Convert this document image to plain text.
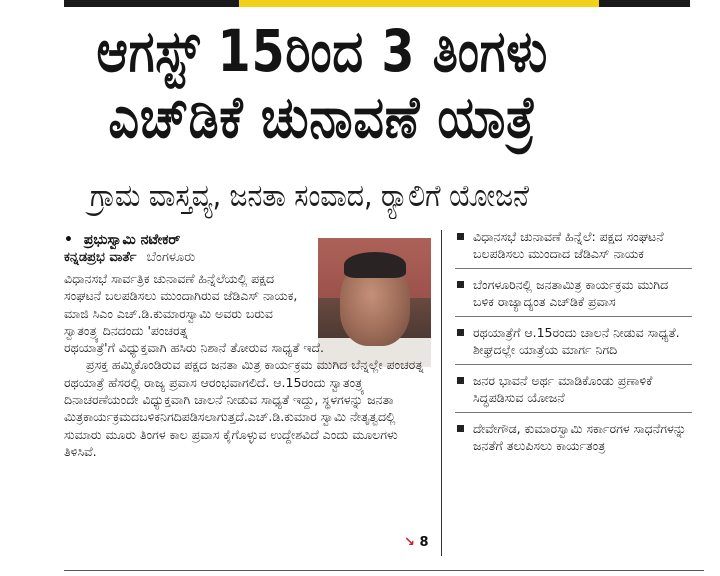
ಆಗಸ್ಟ್ 15ರಿಂದ 3 ತಿಂಗಳು
ಎಚ್‌ಡಿಕೆ ಚುನಾವಣೆ ಯಾತ್ರೆ
ಗ್ರಾಮ ವಾಸ್ತವ್ಯ, ಜನತಾ ಸಂವಾದ, ರ‍್ಯಾಲಿಗೆ ಯೋಜನೆ
• ಪ್ರಭುಸ್ವಾಮಿ ನಟೇಕರ್
ಕನ್ನಡಪ್ರಭ ವಾರ್ತೆ ಬೆಂಗಳೂರು

ವಿಧಾನಸಭೆ ಸಾರ್ವತ್ರಿಕ ಚುನಾವಣೆ ಹಿನ್ನೆಲೆಯಲ್ಲಿ ಪಕ್ಷದ ಸಂಘಟನೆ ಬಲಪಡಿಸಲು ಮುಂದಾಗಿರುವ ಜೆಡಿಎಸ್ ನಾಯಕ, ಮಾಜಿ ಸಿಎಂ ಎಚ್.ಡಿ.ಕುಮಾರಸ್ವಾಮಿ ಅವರು ಬರುವ ಸ್ವಾತಂತ್ರ್ಯ ದಿನದಂದು 'ಪಂಚರತ್ನ

ರಥಯಾತ್ರೆ'ಗೆ ವಿಧ್ಯುಕ್ತವಾಗಿ ಹಸಿರು ನಿಶಾನೆ ತೋರುವ ಸಾಧ್ಯತೆ ಇದೆ.

ಪ್ರಸಕ್ತ ಹಮ್ಮಿಕೊಂಡಿರುವ ಪಕ್ಷದ ಜನತಾ ಮಿತ್ರ ಕಾರ್ಯಕ್ರಮ ಮುಗಿದ ಬೆನ್ನಲ್ಲೇ ಪಂಚರತ್ನ ರಥಯಾತ್ರೆ ಹೆಸರಲ್ಲಿ ರಾಜ್ಯ ಪ್ರವಾಸ ಆರಂಭವಾಗಲಿದೆ. ಆ.15ರಂದು ಸ್ವಾತಂತ್ರ್ಯ ದಿನಾಚರಣೆಯಂದೇ ವಿಧ್ಯುಕ್ತವಾಗಿ ಚಾಲನೆ ನೀಡುವ ಸಾಧ್ಯತೆ ಇದ್ದು, ಸ್ಥಳಗಳನ್ನು ಜನತಾ ಮಿತ್ರಕಾರ್ಯಕ್ರಮದಬಳಿಕನಿಗದಿಪಡಿಸಲಾಗುತ್ತದೆ.ಎಚ್.ಡಿ.ಕುಮಾರ ಸ್ವಾಮಿ ನೇತೃತ್ವದಲ್ಲಿ ಸುಮಾರು ಮೂರು ತಿಂಗಳ ಕಾಲ ಪ್ರವಾಸ ಕೈಗೊಳ್ಳುವ ಉದ್ದೇಶವಿದೆ ಎಂದು ಮೂಲಗಳು ತಿಳಿಸಿವೆ.

↘ 8
ವಿಧಾನಸಭೆ ಚುನಾವಣೆ ಹಿನ್ನೆಲೆ: ಪಕ್ಷದ ಸಂಘಟನೆ ಬಲಪಡಿಸಲು ಮುಂದಾದ ಜೆಡಿಎಸ್ ನಾಯಕ
ಬೆಂಗಳೂರಿನಲ್ಲಿ ಜನತಾಮಿತ್ರ ಕಾರ್ಯಕ್ರಮ ಮುಗಿದ ಬಳಿಕ ರಾಜ್ಯಾದ್ಯಂತ ಎಚ್‌ಡಿಕೆ ಪ್ರವಾಸ
ರಥಯಾತ್ರೆಗೆ ಆ.15ರಂದು ಚಾಲನೆ ನೀಡುವ ಸಾಧ್ಯತೆ. ಶೀಘ್ರದಲ್ಲೇ ಯಾತ್ರೆಯ ಮಾರ್ಗ ನಿಗದಿ
ಜನರ ಭಾವನೆ ಅರ್ಥ ಮಾಡಿಕೊಂಡು ಪ್ರಣಾಳಿಕೆ ಸಿದ್ಧಪಡಿಸುವ ಯೋಜನೆ
ದೇವೇಗೌಡ, ಕುಮಾರಸ್ವಾಮಿ ಸರ್ಕಾರಗಳ ಸಾಧನೆಗಳನ್ನು ಜನತೆಗೆ ತಲುಪಿಸಲು ಕಾರ್ಯತಂತ್ರ
